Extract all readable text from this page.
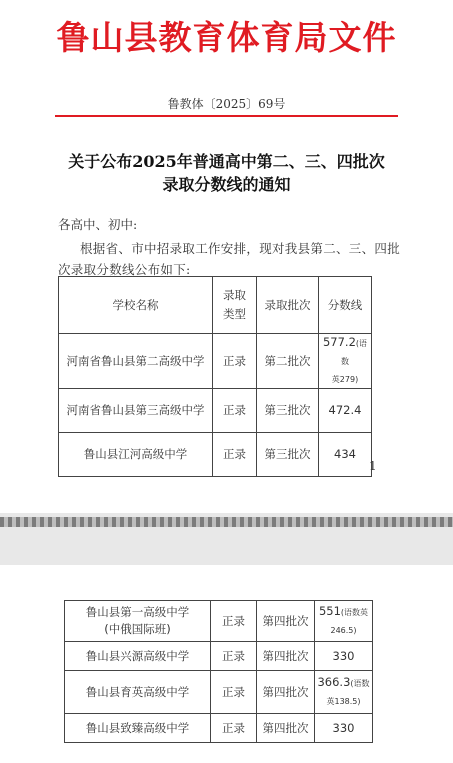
鲁山县教育体育局文件
鲁教体〔2025〕69号
关于公布2025年普通高中第二、三、四批次
录取分数线的通知
各高中、初中:
根据省、市中招录取工作安排，现对我县第二、三、四批次录取分数线公布如下:
学校名称	录取类型	录取批次	分数线
河南省鲁山县第二高级中学	正录	第二批次	577.2(语数
英279)
河南省鲁山县第三高级中学	正录	第三批次	472.4
鲁山县江河高级中学	正录	第三批次	434
1
鲁山县第一高级中学
(中俄国际班)	正录	第四批次	551(语数英
246.5)
鲁山县兴源高级中学	正录	第四批次	330
鲁山县育英高级中学	正录	第四批次	366.3(语数
英138.5)
鲁山县致臻高级中学	正录	第四批次	330
